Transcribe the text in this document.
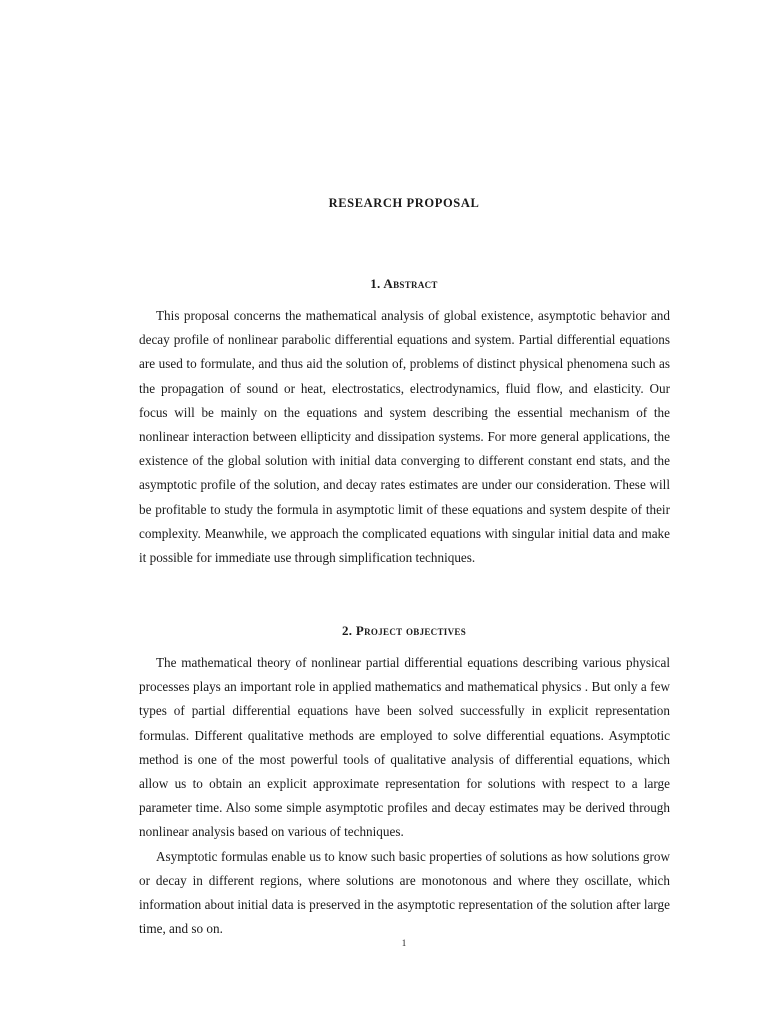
RESEARCH PROPOSAL
1. Abstract

This proposal concerns the mathematical analysis of global existence, asymptotic behavior and decay profile of nonlinear parabolic differential equations and system. Partial differential equations are used to formulate, and thus aid the solution of, problems of distinct physical phenomena such as the propagation of sound or heat, electrostatics, electrodynamics, fluid flow, and elasticity. Our focus will be mainly on the equations and system describing the essential mechanism of the nonlinear interaction between ellipticity and dissipation systems. For more general applications, the existence of the global solution with initial data converging to different constant end stats, and the asymptotic profile of the solution, and decay rates estimates are under our consideration. These will be profitable to study the formula in asymptotic limit of these equations and system despite of their complexity. Meanwhile, we approach the complicated equations with singular initial data and make it possible for immediate use through simplification techniques.

2. Project objectives

The mathematical theory of nonlinear partial differential equations describing various physical processes plays an important role in applied mathematics and mathematical physics . But only a few types of partial differential equations have been solved successfully in explicit representation formulas. Different qualitative methods are employed to solve differential equations. Asymptotic method is one of the most powerful tools of qualitative analysis of differential equations, which allow us to obtain an explicit approximate representation for solutions with respect to a large parameter time. Also some simple asymptotic profiles and decay estimates may be derived through nonlinear analysis based on various of techniques.

Asymptotic formulas enable us to know such basic properties of solutions as how solutions grow or decay in different regions, where solutions are monotonous and where they oscillate, which information about initial data is preserved in the asymptotic representation of the solution after large time, and so on.

1
